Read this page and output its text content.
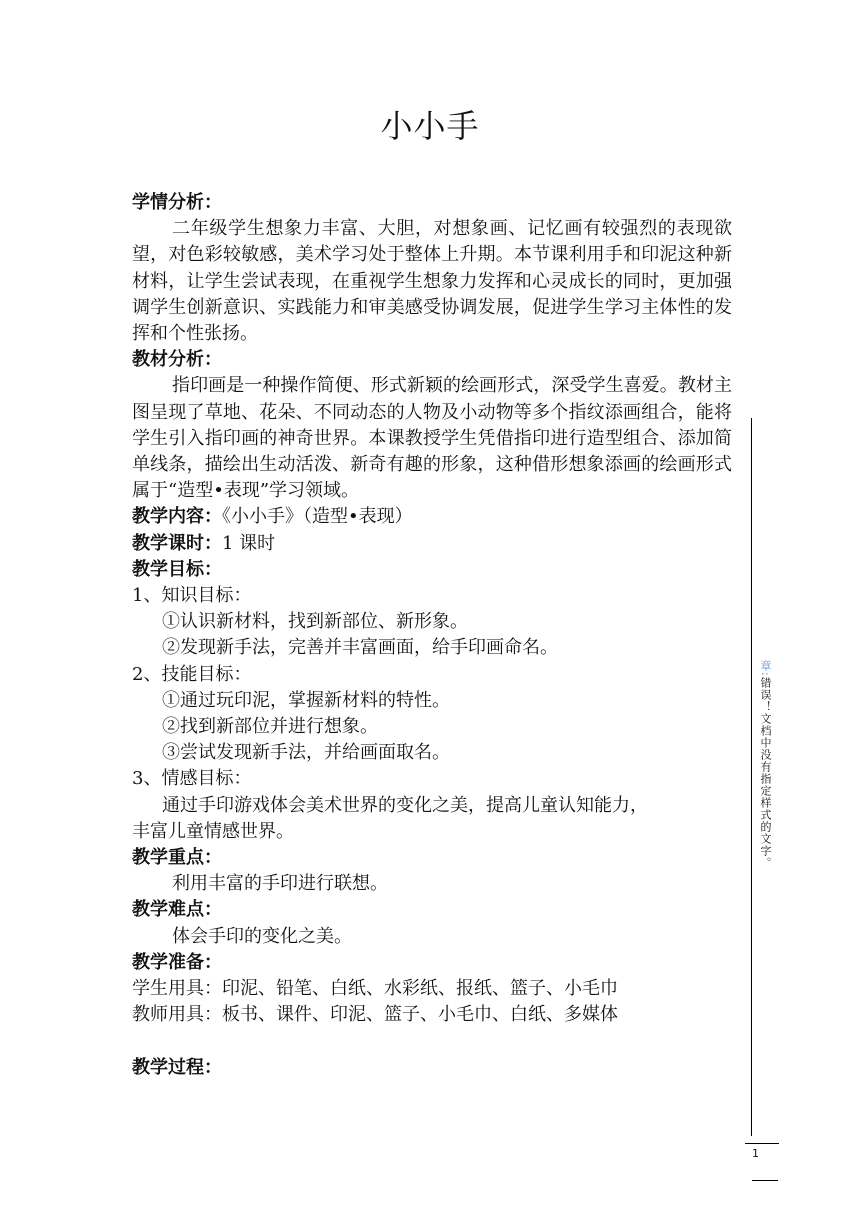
小小手

学情分析：

二年级学生想象力丰富、大胆，对想象画、记忆画有较强烈的表现欲望，对色彩较敏感，美术学习处于整体上升期。本节课利用手和印泥这种新材料，让学生尝试表现，在重视学生想象力发挥和心灵成长的同时，更加强调学生创新意识、实践能力和审美感受协调发展，促进学生学习主体性的发挥和个性张扬。

教材分析：

指印画是一种操作简便、形式新颖的绘画形式，深受学生喜爱。教材主图呈现了草地、花朵、不同动态的人物及小动物等多个指纹添画组合，能将学生引入指印画的神奇世界。本课教授学生凭借指印进行造型组合、添加简单线条，描绘出生动活泼、新奇有趣的形象，这种借形想象添画的绘画形式属于“造型•表现”学习领域。

教学内容：《小小手》（造型•表现）

教学课时：1 课时

教学目标：

1、知识目标：

①认识新材料，找到新部位、新形象。

②发现新手法，完善并丰富画面，给手印画命名。

2、技能目标：

①通过玩印泥，掌握新材料的特性。

②找到新部位并进行想象。

③尝试发现新手法，并给画面取名。

3、情感目标：

通过手印游戏体会美术世界的变化之美，提高儿童认知能力，

丰富儿童情感世界。

教学重点：

利用丰富的手印进行联想。

教学难点：

体会手印的变化之美。

教学准备：

学生用具：印泥、铅笔、白纸、水彩纸、报纸、篮子、小毛巾

教师用具：板书、课件、印泥、篮子、小毛巾、白纸、多媒体

教学过程：

1
章:错误！文档中没有指定样式的文字。
